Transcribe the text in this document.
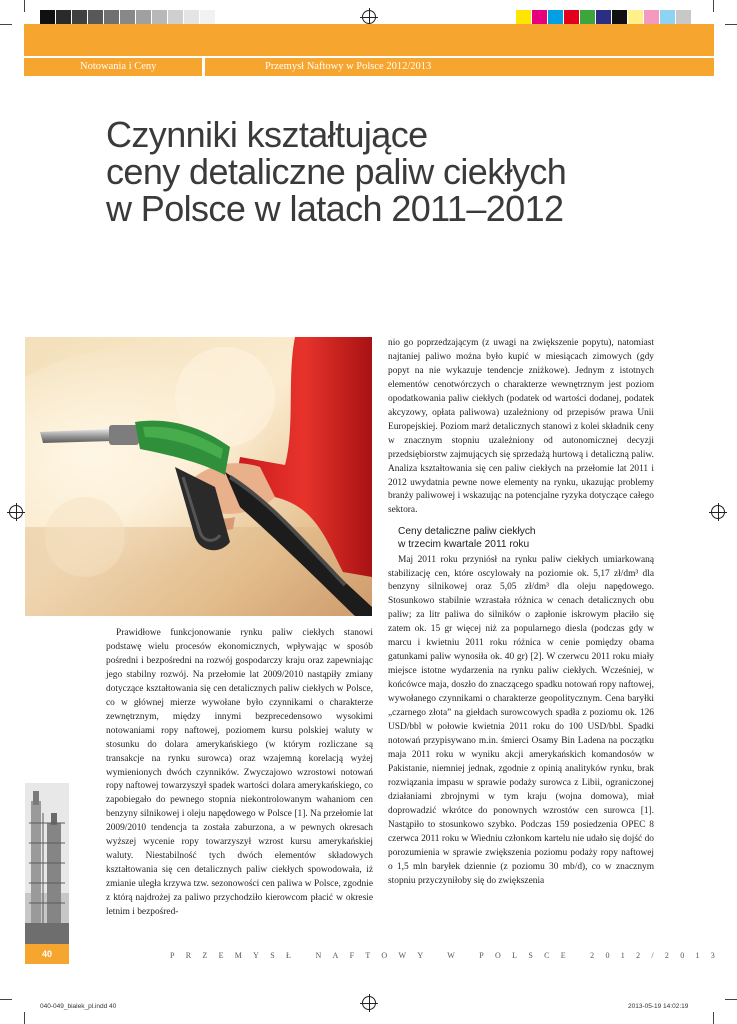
Notowania i Ceny	Przemysł Naftowy w Polsce 2012/2013
Czynniki kształtujące
ceny detaliczne paliw ciekłych
w Polsce w latach 2011–2012

Prawidłowe funkcjonowanie rynku paliw ciekłych stanowi podstawę wielu procesów ekonomicznych, wpływając w sposób pośredni i bezpośredni na rozwój gospodarczy kraju oraz zapewniając jego stabilny rozwój. Na przełomie lat 2009/2010 nastąpiły zmiany dotyczące kształtowania się cen detalicznych paliw ciekłych w Polsce, co w głównej mierze wywołane było czynnikami o charakterze zewnętrznym, między innymi bezprecedensowo wysokimi notowaniami ropy naftowej, poziomem kursu polskiej waluty w stosunku do dolara amerykańskiego (w którym rozliczane są transakcje na rynku surowca) oraz wzajemną korelacją wyżej wymienionych dwóch czynników. Zwyczajowo wzrostowi notowań ropy naftowej towarzyszył spadek wartości dolara amerykańskiego, co zapobiegało do pewnego stopnia niekontrolowanym wahaniom cen benzyny silnikowej i oleju napędowego w Polsce [1]. Na przełomie lat 2009/2010 tendencja ta została zaburzona, a w pewnych okresach wyższej wycenie ropy towarzyszył wzrost kursu amerykańskiej waluty. Niestabilność tych dwóch elementów składowych kształtowania się cen detalicznych paliw ciekłych spowodowała, iż zmianie uległa krzywa tzw. sezonowości cen paliwa w Polsce, zgodnie z którą najdrożej za paliwo przychodziło kierowcom płacić w okresie letnim i bezpośred-

nio go poprzedzającym (z uwagi na zwiększenie popytu), natomiast najtaniej paliwo można było kupić w miesiącach zimowych (gdy popyt na nie wykazuje tendencje zniżkowe). Jednym z istotnych elementów cenotwórczych o charakterze wewnętrznym jest poziom opodatkowania paliw ciekłych (podatek od wartości dodanej, podatek akcyzowy, opłata paliwowa) uzależniony od przepisów prawa Unii Europejskiej. Poziom marż detalicznych stanowi z kolei składnik ceny w znacznym stopniu uzależniony od autonomicznej decyzji przedsiębiorstw zajmujących się sprzedażą hurtową i detaliczną paliw. Analiza kształtowania się cen paliw ciekłych na przełomie lat 2011 i 2012 uwydatnia pewne nowe elementy na rynku, ukazując problemy branży paliwowej i wskazując na potencjalne ryzyka dotyczące całego sektora.

Ceny detaliczne paliw ciekłych
w trzecim kwartale 2011 roku

Maj 2011 roku przyniósł na rynku paliw ciekłych umiarkowaną stabilizację cen, które oscylowały na poziomie ok. 5,17 zł/dm³ dla benzyny silnikowej oraz 5,05 zł/dm³ dla oleju napędowego. Stosunkowo stabilnie wzrastała różnica w cenach detalicznych obu paliw; za litr paliwa do silników o zapłonie iskrowym płaciło się zatem ok. 15 gr więcej niż za popularnego diesla (podczas gdy w marcu i kwietniu 2011 roku różnica w cenie pomiędzy obama gatunkami paliw wynosiła ok. 40 gr) [2]. W czerwcu 2011 roku miały miejsce istotne wydarzenia na rynku paliw ciekłych. Wcześniej, w końcówce maja, doszło do znaczącego spadku notowań ropy naftowej, wywołanego czynnikami o charakterze geopolitycznym. Cena baryłki „czarnego złota” na giełdach surowcowych spadła z poziomu ok. 126 USD/bbl w połowie kwietnia 2011 roku do 100 USD/bbl. Spadki notowań przypisywano m.in. śmierci Osamy Bin Ladena na początku maja 2011 roku w wyniku akcji amerykańskich komandosów w Pakistanie, niemniej jednak, zgodnie z opinią analityków rynku, brak rozwiązania impasu w sprawie podaży surowca z Libii, ograniczonej działaniami zbrojnymi w tym kraju (wojna domowa), miał doprowadzić wkrótce do ponownych wzrostów cen surowca [1]. Nastąpiło to stosunkowo szybko. Podczas 159 posiedzenia OPEC 8 czerwca 2011 roku w Wiedniu członkom kartelu nie udało się dojść do porozumienia w sprawie zwiększenia poziomu podaży ropy naftowej o 1,5 mln baryłek dziennie (z poziomu 30 mb/d), co w znacznym stopniu przyczyniłoby się do zwiększenia

40	PRZEMYSŁ NAFTOWY W POLSCE 2012/2013
040-049_bialek_pl.indd 40	2013-05-19 14:02:19
